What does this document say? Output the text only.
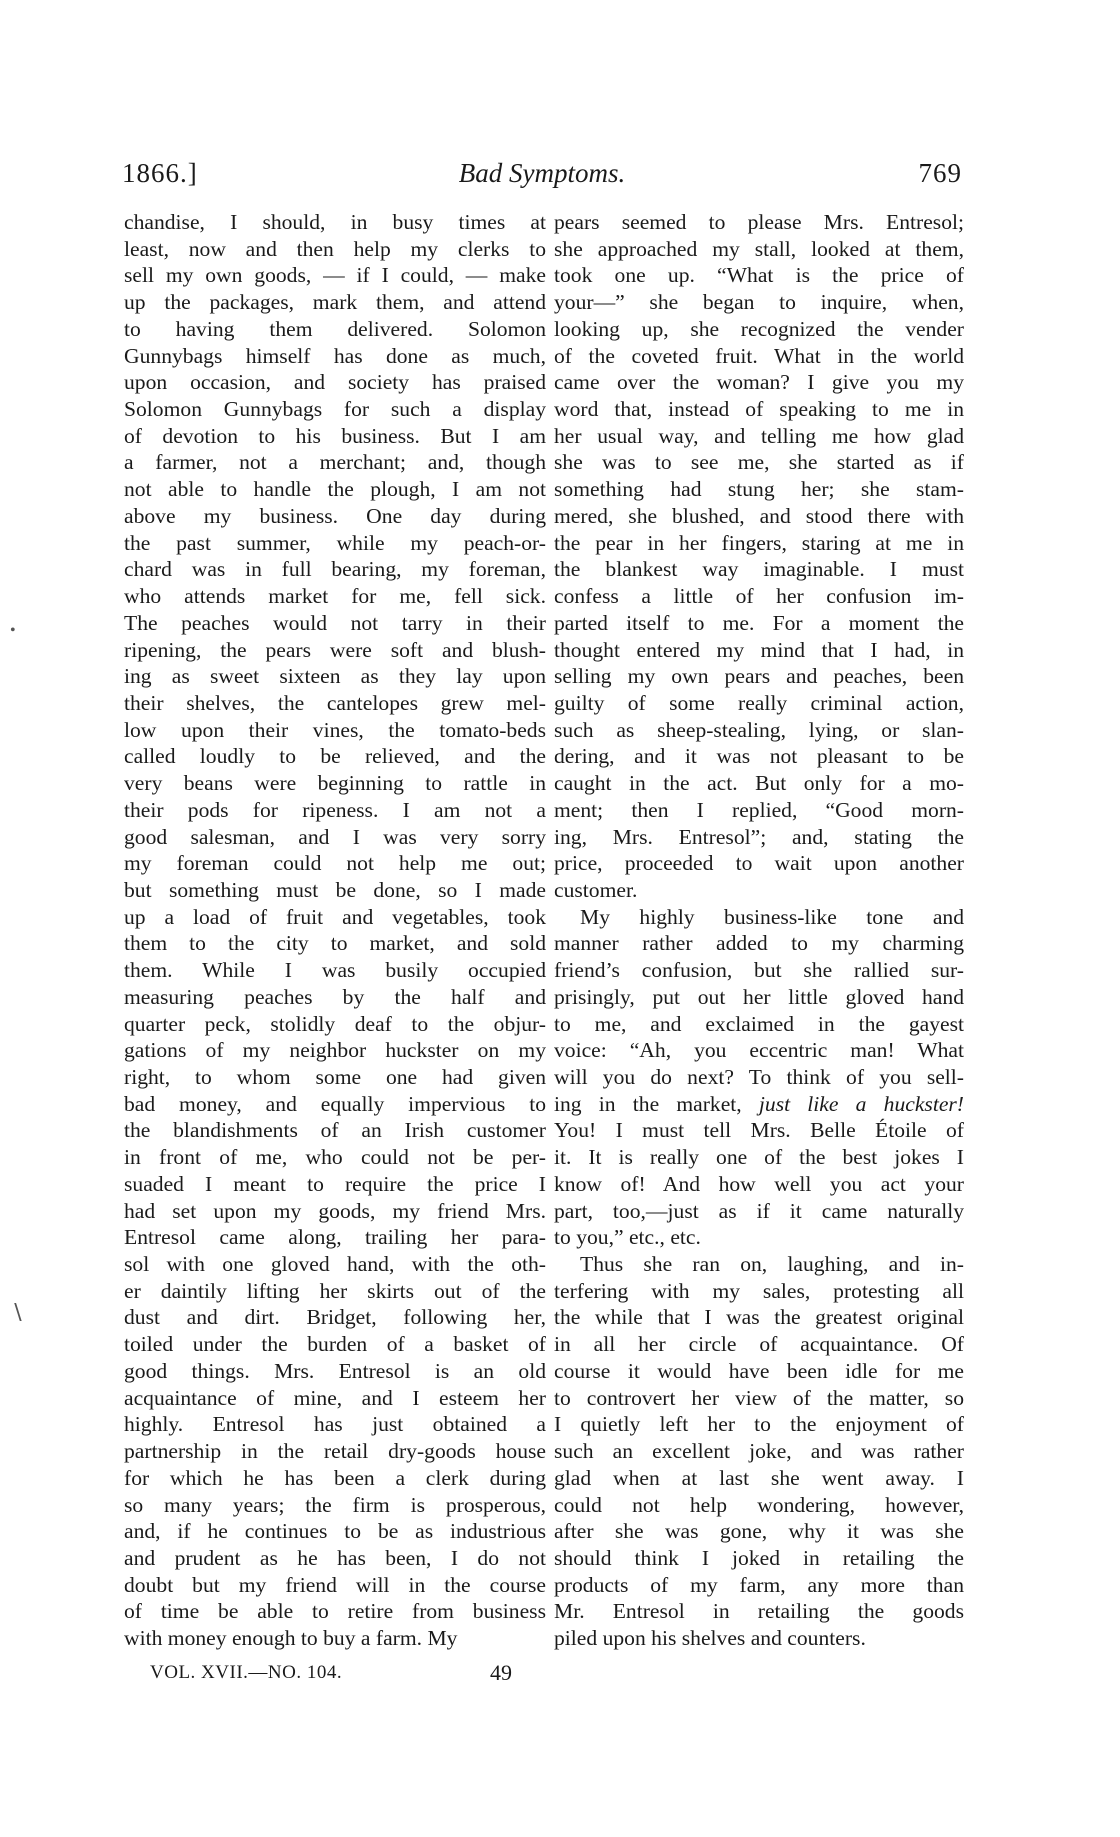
1866.]	Bad Symptoms.	769
chandise, I should, in busy times at
least, now and then help my clerks to
sell my own goods, — if I could, — make
up the packages, mark them, and attend
to having them delivered. Solomon
Gunnybags himself has done as much,
upon occasion, and society has praised
Solomon Gunnybags for such a display
of devotion to his business. But I am
a farmer, not a merchant; and, though
not able to handle the plough, I am not
above my business. One day during
the past summer, while my peach-or-
chard was in full bearing, my foreman,
who attends market for me, fell sick.
The peaches would not tarry in their
ripening, the pears were soft and blush-
ing as sweet sixteen as they lay upon
their shelves, the cantelopes grew mel-
low upon their vines, the tomato-beds
called loudly to be relieved, and the
very beans were beginning to rattle in
their pods for ripeness. I am not a
good salesman, and I was very sorry
my foreman could not help me out;
but something must be done, so I made
up a load of fruit and vegetables, took
them to the city to market, and sold
them. While I was busily occupied
measuring peaches by the half and
quarter peck, stolidly deaf to the objur-
gations of my neighbor huckster on my
right, to whom some one had given
bad money, and equally impervious to
the blandishments of an Irish customer
in front of me, who could not be per-
suaded I meant to require the price I
had set upon my goods, my friend Mrs.
Entresol came along, trailing her para-
sol with one gloved hand, with the oth-
er daintily lifting her skirts out of the
dust and dirt. Bridget, following her,
toiled under the burden of a basket of
good things. Mrs. Entresol is an old
acquaintance of mine, and I esteem her
highly. Entresol has just obtained a
partnership in the retail dry-goods house
for which he has been a clerk during
so many years; the firm is prosperous,
and, if he continues to be as industrious
and prudent as he has been, I do not
doubt but my friend will in the course
of time be able to retire from business
with money enough to buy a farm. My
pears seemed to please Mrs. Entresol;
she approached my stall, looked at them,
took one up. “What is the price of
your—” she began to inquire, when,
looking up, she recognized the vender
of the coveted fruit. What in the world
came over the woman? I give you my
word that, instead of speaking to me in
her usual way, and telling me how glad
she was to see me, she started as if
something had stung her; she stam-
mered, she blushed, and stood there with
the pear in her fingers, staring at me in
the blankest way imaginable. I must
confess a little of her confusion im-
parted itself to me. For a moment the
thought entered my mind that I had, in
selling my own pears and peaches, been
guilty of some really criminal action,
such as sheep-stealing, lying, or slan-
dering, and it was not pleasant to be
caught in the act. But only for a mo-
ment; then I replied, “Good morn-
ing, Mrs. Entresol”; and, stating the
price, proceeded to wait upon another
customer.
My highly business-like tone and
manner rather added to my charming
friend’s confusion, but she rallied sur-
prisingly, put out her little gloved hand
to me, and exclaimed in the gayest
voice: “Ah, you eccentric man! What
will you do next? To think of you sell-
ing in the market, just like a huckster!
You! I must tell Mrs. Belle Étoile of
it. It is really one of the best jokes I
know of! And how well you act your
part, too,—just as if it came naturally
to you,” etc., etc.
Thus she ran on, laughing, and in-
terfering with my sales, protesting all
the while that I was the greatest original
in all her circle of acquaintance. Of
course it would have been idle for me
to controvert her view of the matter, so
I quietly left her to the enjoyment of
such an excellent joke, and was rather
glad when at last she went away. I
could not help wondering, however,
after she was gone, why it was she
should think I joked in retailing the
products of my farm, any more than
Mr. Entresol in retailing the goods
piled upon his shelves and counters.
VOL. XVII.—NO. 104.	49
•
∖
